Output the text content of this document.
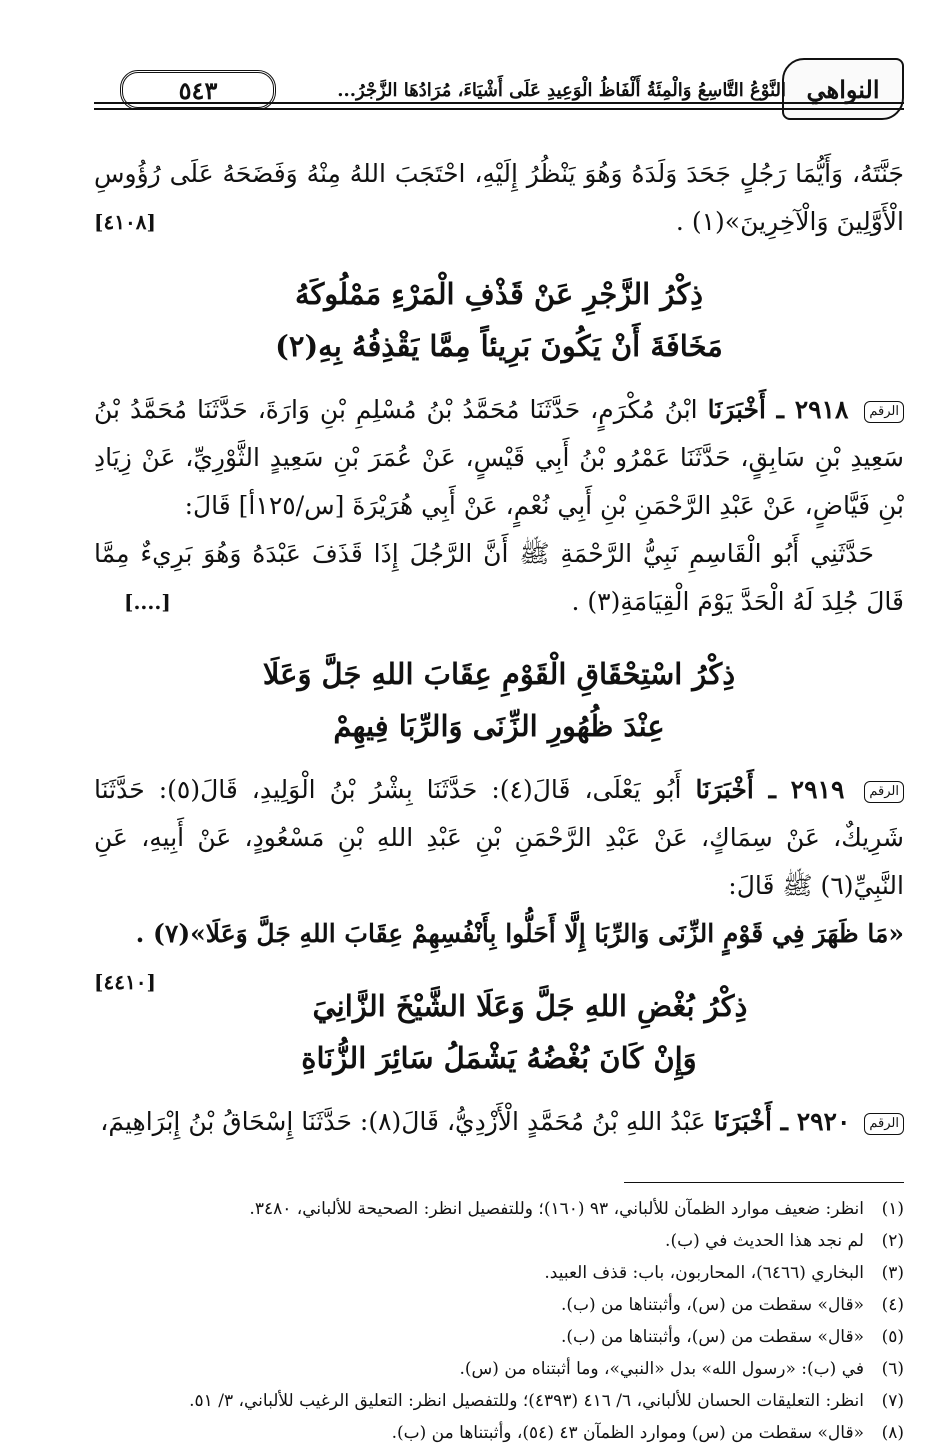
النواهي
النَّوْعُ التَّاسِعُ وَالْمِئَةُ أَلْفَاظُ الْوَعِيدِ عَلَى أَشْيَاءَ، مُرَادُهَا الزَّجْرُ...
٥٤٣

جَنَّتَهُ، وَأَيُّمَا رَجُلٍ جَحَدَ وَلَدَهُ وَهُوَ يَنْظُرُ إِلَيْهِ، احْتَجَبَ اللهُ مِنْهُ وَفَضَحَهُ عَلَى رُؤُوسِ الْأَوَّلِينَ وَالْآخِرِينَ»(١) .
[٤١٠٨]

ذِكْرُ الزَّجْرِ عَنْ قَذْفِ الْمَرْءِ مَمْلُوكَهُ
مَخَافَةَ أَنْ يَكُونَ بَرِيئاً مِمَّا يَقْذِفُهُ بِهِ(٢)

الرقم ٢٩١٨ ـ أَخْبَرَنَا ابْنُ مُكْرَمٍ، حَدَّثَنَا مُحَمَّدُ بْنُ مُسْلِمِ بْنِ وَارَةَ، حَدَّثَنَا مُحَمَّدُ بْنُ سَعِيدِ بْنِ سَابِقٍ، حَدَّثَنَا عَمْرُو بْنُ أَبِي قَيْسٍ، عَنْ عُمَرَ بْنِ سَعِيدٍ الثَّوْرِيِّ، عَنْ زِيَادِ بْنِ فَيَّاضٍ، عَنْ عَبْدِ الرَّحْمَنِ بْنِ أَبِي نُعْمٍ، عَنْ أَبِي هُرَيْرَةَ [س/١٢٥أ] قَالَ:

حَدَّثَنِي أَبُو الْقَاسِمِ نَبِيُّ الرَّحْمَةِ ﷺ أَنَّ الرَّجُلَ إِذَا قَذَفَ عَبْدَهُ وَهُوَ بَرِيءٌ مِمَّا قَالَ جُلِدَ لَهُ الْحَدَّ يَوْمَ الْقِيَامَةِ(٣) .
[....]

ذِكْرُ اسْتِحْقَاقِ الْقَوْمِ عِقَابَ اللهِ جَلَّ وَعَلَا
عِنْدَ ظُهُورِ الزِّنَى وَالرِّبَا فِيهِمْ

الرقم ٢٩١٩ ـ أَخْبَرَنَا أَبُو يَعْلَى، قَالَ(٤): حَدَّثَنَا بِشْرُ بْنُ الْوَلِيدِ، قَالَ(٥): حَدَّثَنَا شَرِيكٌ، عَنْ سِمَاكٍ، عَنْ عَبْدِ الرَّحْمَنِ بْنِ عَبْدِ اللهِ بْنِ مَسْعُودٍ، عَنْ أَبِيهِ، عَنِ النَّبِيِّ(٦) ﷺ قَالَ:

«مَا ظَهَرَ فِي قَوْمٍ الزِّنَى وَالرِّبَا إِلَّا أَحَلُّوا بِأَنْفُسِهِمْ عِقَابَ اللهِ جَلَّ وَعَلَا»(٧) .
[٤٤١٠]

ذِكْرُ بُغْضِ اللهِ جَلَّ وَعَلَا الشَّيْخَ الزَّانِيَ
وَإِنْ كَانَ بُغْضُهُ يَشْمَلُ سَائِرَ الزُّنَاةِ

الرقم ٢٩٢٠ ـ أَخْبَرَنَا عَبْدُ اللهِ بْنُ مُحَمَّدٍ الْأَزْدِيُّ، قَالَ(٨): حَدَّثَنَا إِسْحَاقُ بْنُ إِبْرَاهِيمَ،

(١)انظر: ضعيف موارد الظمآن للألباني، ٩٣ (١٦٠)؛ وللتفصيل انظر: الصحيحة للألباني، ٣٤٨٠.

(٢)لم نجد هذا الحديث في (ب).

(٣)البخاري (٦٤٦٦)، المحاربون، باب: قذف العبيد.

(٤)«قال» سقطت من (س)، وأثبتناها من (ب).

(٥)«قال» سقطت من (س)، وأثبتناها من (ب).

(٦)في (ب): «رسول الله» بدل «النبي»، وما أثبتناه من (س).

(٧)انظر: التعليقات الحسان للألباني، ٦/ ٤١٦ (٤٣٩٣)؛ وللتفصيل انظر: التعليق الرغيب للألباني، ٣/ ٥١.

(٨)«قال» سقطت من (س) وموارد الظمآن ٤٣ (٥٤)، وأثبتناها من (ب).
